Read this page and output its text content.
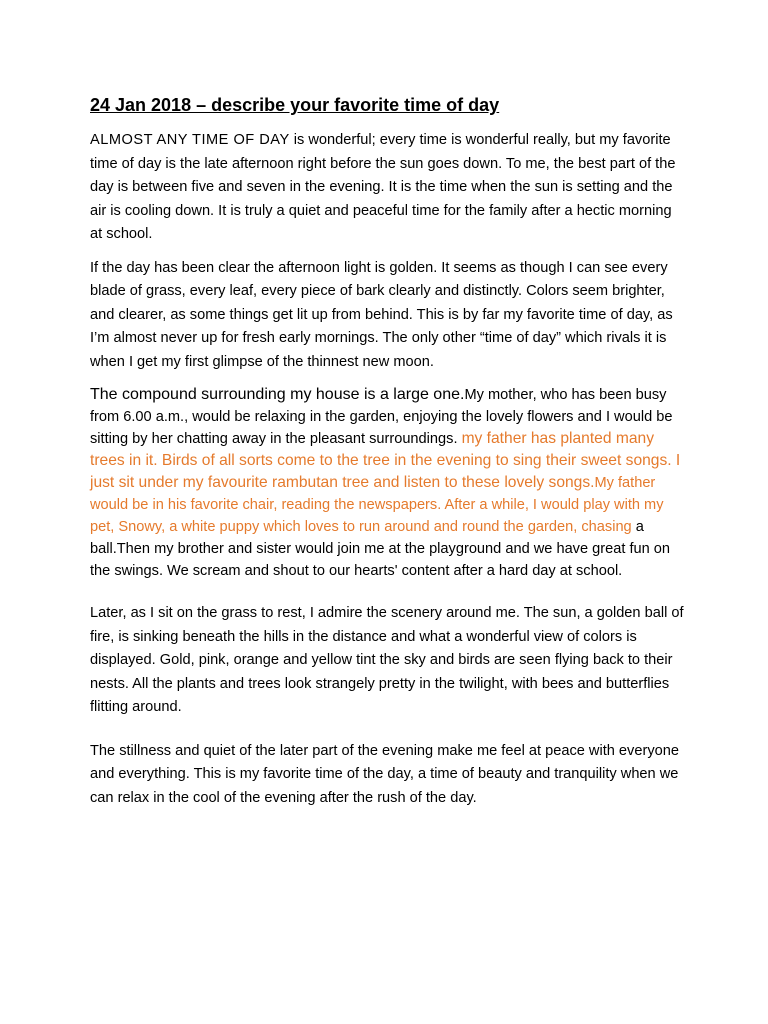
24 Jan 2018 – describe your favorite time of day

ALMOST ANY TIME OF DAY is wonderful; every time is wonderful really, but my favorite time of day is the late afternoon right before the sun goes down. To me, the best part of the day is between five and seven in the evening. It is the time when the sun is setting and the air is cooling down. It is truly a quiet and peaceful time for the family after a hectic morning at school.

If the day has been clear the afternoon light is golden. It seems as though I can see every blade of grass, every leaf, every piece of bark clearly and distinctly. Colors seem brighter, and clearer, as some things get lit up from behind. This is by far my favorite time of day, as I’m almost never up for fresh early mornings. The only other “time of day” which rivals it is when I get my first glimpse of the thinnest new moon.

The compound surrounding my house is a large one.My mother, who has been busy from 6.00 a.m., would be relaxing in the garden, enjoying the lovely flowers and I would be sitting by her chatting away in the pleasant surroundings. my father has planted many trees in it. Birds of all sorts come to the tree in the evening to sing their sweet songs. I just sit under my favourite rambutan tree and listen to these lovely songs.My father would be in his favorite chair, reading the newspapers. After a while, I would play with my pet, Snowy, a white puppy which loves to run around and round the garden, chasing a ball.Then my brother and sister would join me at the playground and we have great fun on the swings. We scream and shout to our hearts' content after a hard day at school.

Later, as I sit on the grass to rest, I admire the scenery around me. The sun, a golden ball of fire, is sinking beneath the hills in the distance and what a wonderful view of colors is displayed. Gold, pink, orange and yellow tint the sky and birds are seen flying back to their nests. All the plants and trees look strangely pretty in the twilight, with bees and butterflies flitting around.

The stillness and quiet of the later part of the evening make me feel at peace with everyone and everything. This is my favorite time of the day, a time of beauty and tranquility when we can relax in the cool of the evening after the rush of the day.
